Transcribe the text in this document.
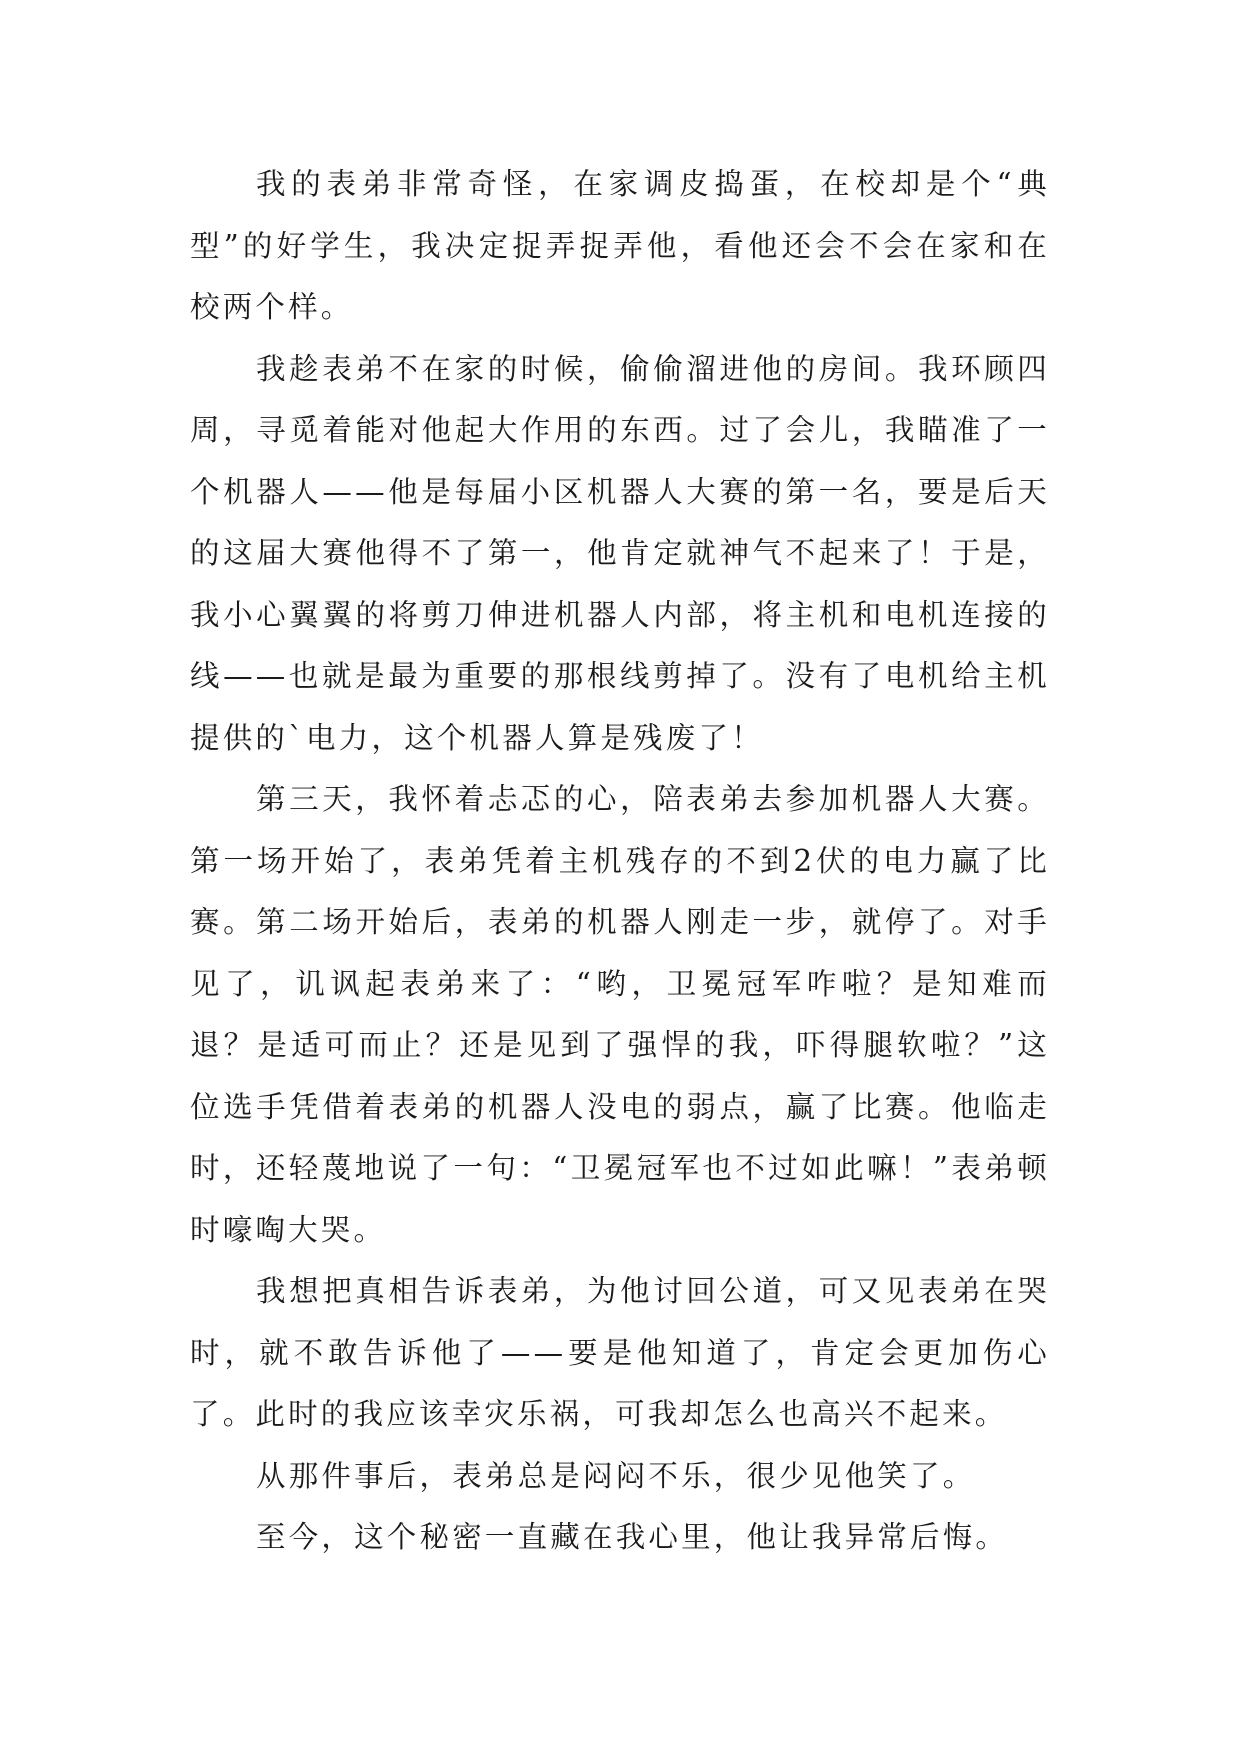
我的表弟非常奇怪，在家调皮捣蛋，在校却是个“典型”的好学生，我决定捉弄捉弄他，看他还会不会在家和在校两个样。

我趁表弟不在家的时候，偷偷溜进他的房间。我环顾四周，寻觅着能对他起大作用的东西。过了会儿，我瞄准了一个机器人——他是每届小区机器人大赛的第一名，要是后天的这届大赛他得不了第一，他肯定就神气不起来了！于是，我小心翼翼的将剪刀伸进机器人内部，将主机和电机连接的线——也就是最为重要的那根线剪掉了。没有了电机给主机提供的`电力，这个机器人算是残废了！

第三天，我怀着忐忑的心，陪表弟去参加机器人大赛。第一场开始了，表弟凭着主机残存的不到2伏的电力赢了比赛。第二场开始后，表弟的机器人刚走一步，就停了。对手见了，讥讽起表弟来了：“哟，卫冕冠军咋啦？是知难而退？是适可而止？还是见到了强悍的我，吓得腿软啦？”这位选手凭借着表弟的机器人没电的弱点，赢了比赛。他临走时，还轻蔑地说了一句：“卫冕冠军也不过如此嘛！”表弟顿时嚎啕大哭。

我想把真相告诉表弟，为他讨回公道，可又见表弟在哭时，就不敢告诉他了——要是他知道了，肯定会更加伤心了。此时的我应该幸灾乐祸，可我却怎么也高兴不起来。

从那件事后，表弟总是闷闷不乐，很少见他笑了。

至今，这个秘密一直藏在我心里，他让我异常后悔。
